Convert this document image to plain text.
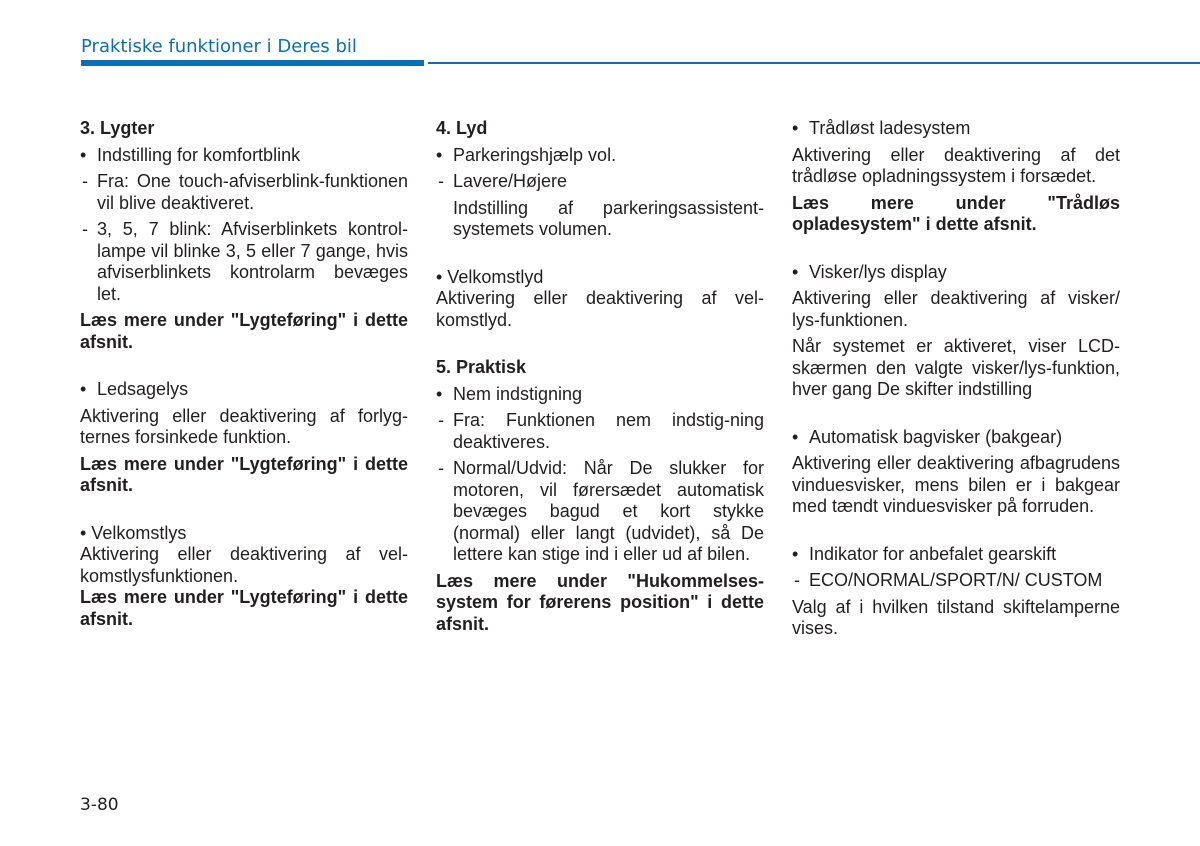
Praktiske funktioner i Deres bil
3. Lygter
• Indstilling for komfortblink
- Fra: One touch-afviserblink-funktionen vil blive deaktiveret.
- 3, 5, 7 blink: Afviserblinkets kontrol-lampe vil blinke 3, 5 eller 7 gange, hvis afviserblinkets kontrolarm bevæges let.
Læs mere under "Lygteføring" i dette afsnit.
• Ledsagelys
Aktivering eller deaktivering af forlyg-ternes forsinkede funktion.
Læs mere under "Lygteføring" i dette afsnit.
• Velkomstlys
Aktivering eller deaktivering af vel-komstlysfunktionen.
Læs mere under "Lygteføring" i dette afsnit.
4. Lyd
• Parkeringshjælp vol.
- Lavere/Højere
Indstilling af parkeringsassistent-systemets volumen.
• Velkomstlyd
Aktivering eller deaktivering af vel-komstlyd.
5. Praktisk
• Nem indstigning
- Fra: Funktionen nem indstig-ning deaktiveres.
- Normal/Udvid: Når De slukker for motoren, vil førersædet automatisk bevæges bagud et kort stykke (normal) eller langt (udvidet), så De lettere kan stige ind i eller ud af bilen.
Læs mere under "Hukommelses-system for førerens position" i dette afsnit.
• Trådløst ladesystem
Aktivering eller deaktivering af det trådløse opladningssystem i forsædet.
Læs mere under "Trådløs opladesystem" i dette afsnit.
• Visker/lys display
Aktivering eller deaktivering af visker/ lys-funktionen.
Når systemet er aktiveret, viser LCD-skærmen den valgte visker/lys-funktion, hver gang De skifter indstilling
• Automatisk bagvisker (bakgear)
Aktivering eller deaktivering afbagrudens vinduesvisker, mens bilen er i bakgear med tændt vinduesvisker på forruden.
• Indikator for anbefalet gearskift
- ECO/NORMAL/SPORT/N/ CUSTOM
Valg af i hvilken tilstand skiftelamperne vises.
3-80
